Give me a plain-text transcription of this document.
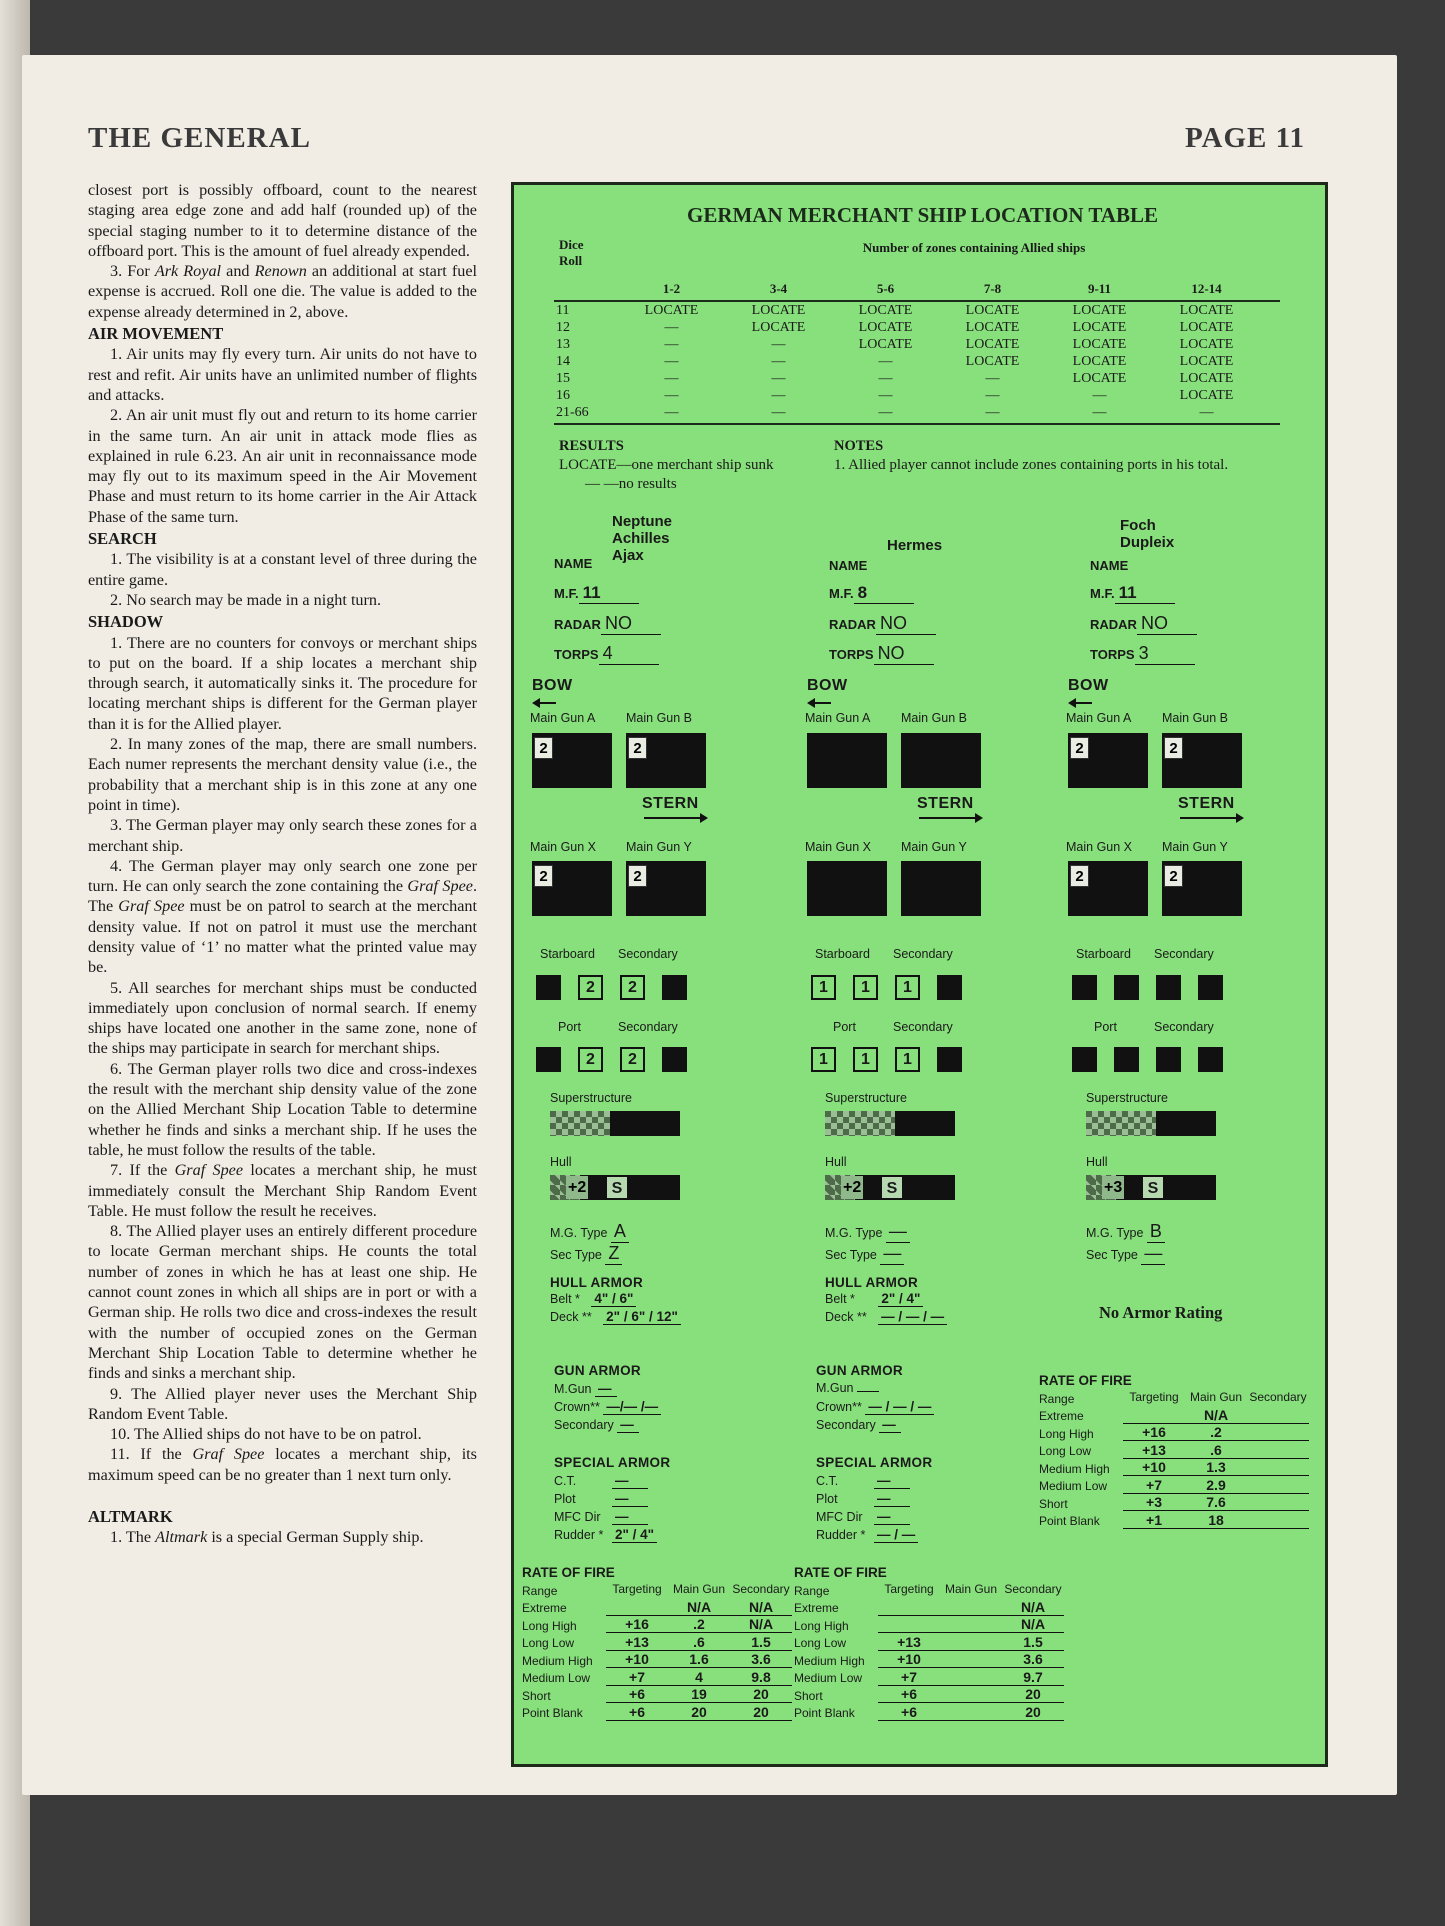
THE GENERAL	PAGE 11

closest port is possibly offboard, count to the nearest staging area edge zone and add half (rounded up) of the special staging number to it to determine distance of the offboard port. This is the amount of fuel already expended.

3. For Ark Royal and Renown an additional at start fuel expense is accrued. Roll one die. The value is added to the expense already determined in 2, above.

AIR MOVEMENT

1. Air units may fly every turn. Air units do not have to rest and refit. Air units have an unlimited number of flights and attacks.

2. An air unit must fly out and return to its home carrier in the same turn. An air unit in attack mode flies as explained in rule 6.23. An air unit in reconnaissance mode may fly out to its maximum speed in the Air Movement Phase and must return to its home carrier in the Air Attack Phase of the same turn.

SEARCH

1. The visibility is at a constant level of three during the entire game.

2. No search may be made in a night turn.

SHADOW

1. There are no counters for convoys or merchant ships to put on the board. If a ship locates a merchant ship through search, it automatically sinks it. The procedure for locating merchant ships is different for the German player than it is for the Allied player.

2. In many zones of the map, there are small numbers. Each numer represents the merchant density value (i.e., the probability that a merchant ship is in this zone at any one point in time).

3. The German player may only search these zones for a merchant ship.

4. The German player may only search one zone per turn. He can only search the zone containing the Graf Spee. The Graf Spee must be on patrol to search at the merchant density value. If not on patrol it must use the merchant density value of ‘1’ no matter what the printed value may be.

5. All searches for merchant ships must be conducted immediately upon conclusion of normal search. If enemy ships have located one another in the same zone, none of the ships may participate in search for merchant ships.

6. The German player rolls two dice and cross-indexes the result with the merchant ship density value of the zone on the Allied Merchant Ship Location Table to determine whether he finds and sinks a merchant ship. If he uses the table, he must follow the results of the table.

7. If the Graf Spee locates a merchant ship, he must immediately consult the Merchant Ship Random Event Table. He must follow the result he receives.

8. The Allied player uses an entirely different procedure to locate German merchant ships. He counts the total number of zones in which he has at least one ship. He cannot count zones in which all ships are in port or with a German ship. He rolls two dice and cross-indexes the result with the number of occupied zones on the German Merchant Ship Location Table to determine whether he finds and sinks a merchant ship.

9. The Allied player never uses the Merchant Ship Random Event Table.

10. The Allied ships do not have to be on patrol.

11. If the Graf Spee locates a merchant ship, its maximum speed can be no greater than 1 next turn only.

ALTMARK

1. The Altmark is a special German Supply ship.

GERMAN MERCHANT SHIP LOCATION TABLE
Dice
Roll
Number of zones containing Allied ships
1-2	3-4	5-6	7-8	9-11	12-14
11	LOCATE	LOCATE	LOCATE	LOCATE	LOCATE	LOCATE
12	—	LOCATE	LOCATE	LOCATE	LOCATE	LOCATE
13	—	—	LOCATE	LOCATE	LOCATE	LOCATE
14	—	—	—	LOCATE	LOCATE	LOCATE
15	—	—	—	—	LOCATE	LOCATE
16	—	—	—	—	—	LOCATE
21-66	—	—	—	—	—	—
RESULTS
LOCATE—one merchant ship sunk
— —no results
NOTES
1. Allied player cannot include zones containing ports in his total.
Neptune
Achilles
Ajax
NAME
M.F. 11
RADAR NO
TORPS 4
BOW
Main Gun A Main Gun B
2	2
STERN
Main Gun X Main Gun Y
2	2
Starboard Secondary
Port	Secondary
2	2
2	2
Superstructure
Hull
+2	S
M.G. Type A
Sec Type Z
HULL ARMOR
Belt * 4" / 6"
Deck ** 2" / 6" / 12"
Hermes
NAME
M.F. 8
RADAR NO
TORPS NO
BOW
Main Gun A Main Gun B
STERN
Main Gun X Main Gun Y
Starboard Secondary
Port	Secondary
1	1	1
1	1	1
Superstructure
Hull
+2	S
M.G. Type —
Sec Type —
HULL ARMOR
Belt * 2" / 4"
Deck ** — / — / —
Foch
Dupleix
NAME
M.F. 11
RADAR NO
TORPS 3
BOW
Main Gun A Main Gun B
2	2
STERN
Main Gun X Main Gun Y
2	2
Starboard Secondary
Port	Secondary
Superstructure
Hull
+3	S
M.G. Type B
Sec Type —
No Armor Rating
GUN ARMOR
M.Gun —
Crown** —/— /—
Secondary —
SPECIAL ARMOR
C.T.	—
Plot	—
MFC Dir —
Rudder * 2" / 4"
GUN ARMOR
M.Gun
Crown** — / — / —
Secondary —
SPECIAL ARMOR
C.T.	—
Plot	—
MFC Dir —
Rudder * — / —
RATE OF FIRE
Range	Targeting	Main Gun	Secondary
Extreme		N/A	N/A
Long High	+16	.2	N/A
Long Low	+13	.6	1.5
Medium High	+10	1.6	3.6
Medium Low	+7	4	9.8
Short	+6	19	20
Point Blank	+6	20	20
RATE OF FIRE
Range	Targeting	Main Gun	Secondary
Extreme			N/A
Long High			N/A
Long Low	+13		1.5
Medium High	+10		3.6
Medium Low	+7		9.7
Short	+6		20
Point Blank	+6		20
RATE OF FIRE
Range	Targeting	Main Gun	Secondary
Extreme		N/A	
Long High	+16	.2	
Long Low	+13	.6	
Medium High	+10	1.3	
Medium Low	+7	2.9	
Short	+3	7.6	
Point Blank	+1	18	
